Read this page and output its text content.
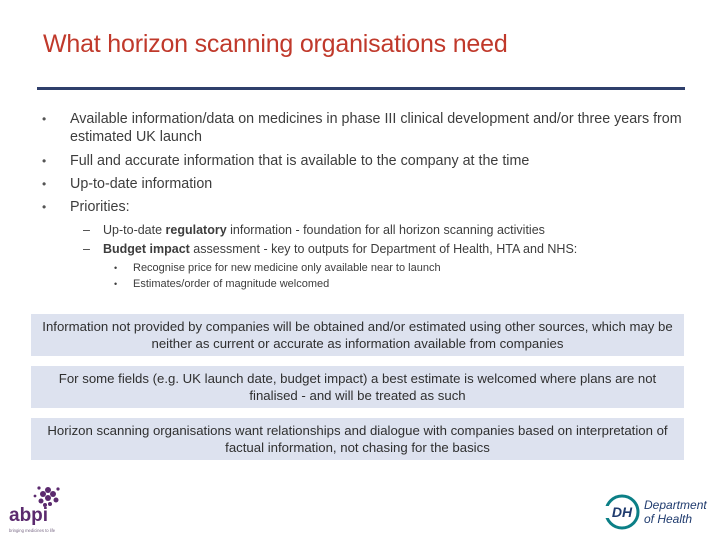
What horizon scanning organisations need
• Available information/data on medicines in phase III clinical development and/or three years from estimated UK launch
• Full and accurate information that is available to the company at the time
• Up-to-date information
• Priorities:
– Up-to-date regulatory information - foundation for all horizon scanning activities
– Budget impact assessment - key to outputs for Department of Health, HTA and NHS:
• Recognise price for new medicine only available near to launch
• Estimates/order of magnitude welcomed
Information not provided by companies will be obtained and/or estimated using other sources, which may be neither as current or accurate as information available from companies
For some fields (e.g. UK launch date, budget impact) a best estimate is welcomed where plans are not finalised - and will be treated as such
Horizon scanning organisations want relationships and dialogue with companies based on interpretation of factual information, not chasing for the basics
abpi
bringing medicines to life
DH Department
of Health
